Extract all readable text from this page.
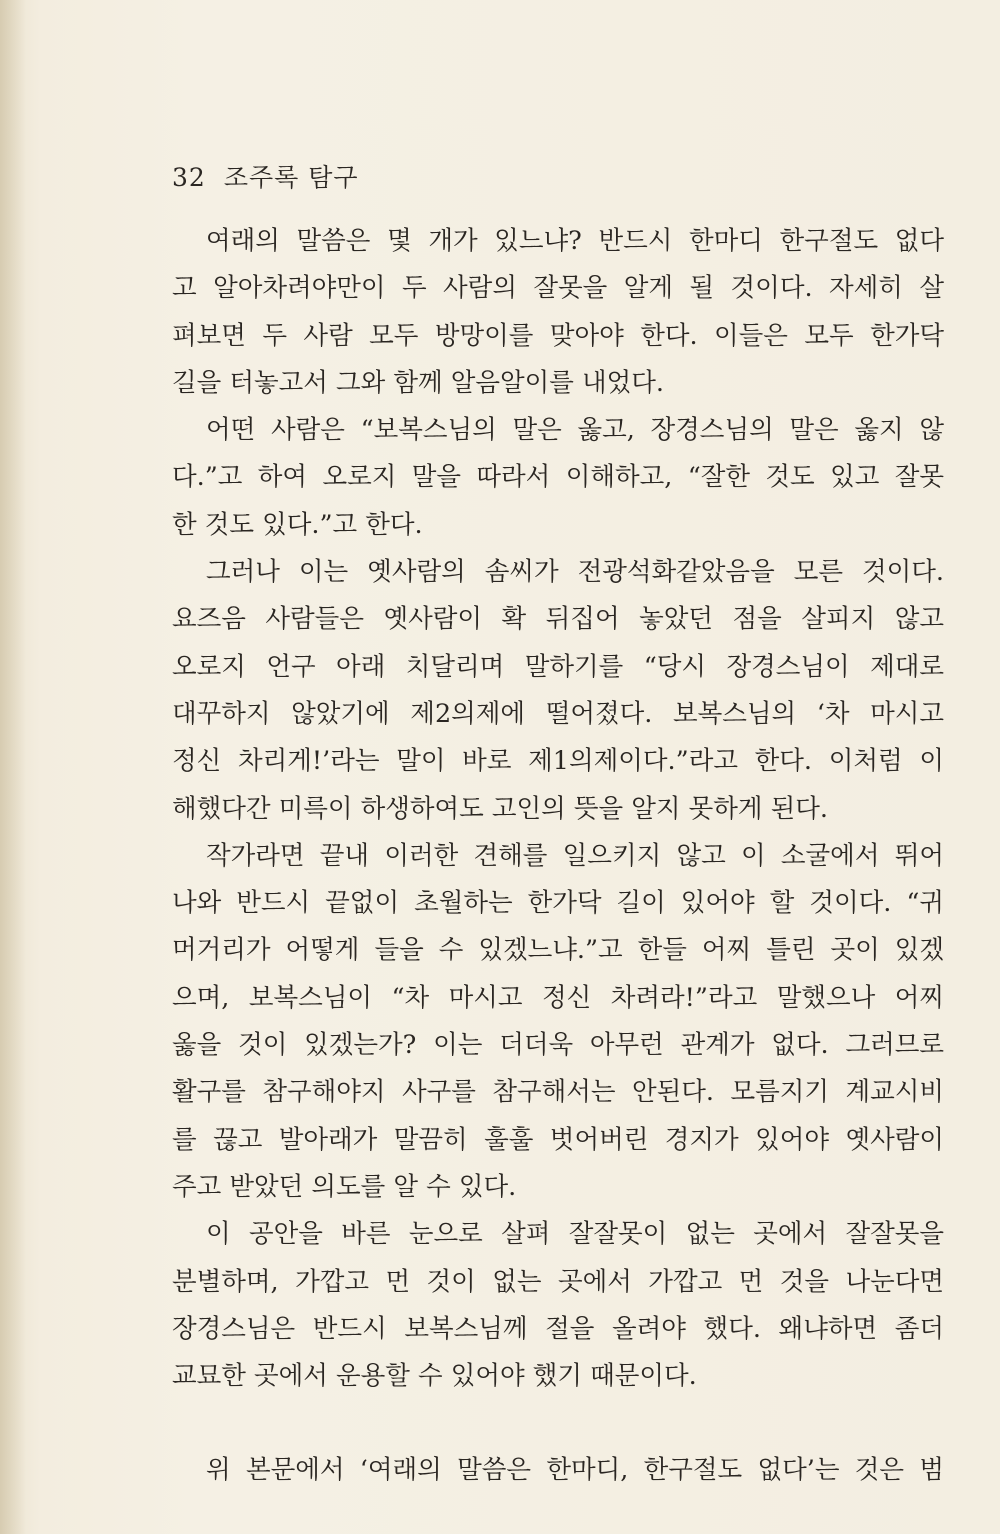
32 조주록 탐구
여래의 말씀은 몇 개가 있느냐? 반드시 한마디 한구절도 없다
고 알아차려야만이 두 사람의 잘못을 알게 될 것이다. 자세히 살
펴보면 두 사람 모두 방망이를 맞아야 한다. 이들은 모두 한가닥
길을 터놓고서 그와 함께 알음알이를 내었다.
어떤 사람은 “보복스님의 말은 옳고, 장경스님의 말은 옳지 않
다.”고 하여 오로지 말을 따라서 이해하고, “잘한 것도 있고 잘못
한 것도 있다.”고 한다.
그러나 이는 옛사람의 솜씨가 전광석화같았음을 모른 것이다.
요즈음 사람들은 옛사람이 확 뒤집어 놓았던 점을 살피지 않고
오로지 언구 아래 치달리며 말하기를 “당시 장경스님이 제대로
대꾸하지 않았기에 제2의제에 떨어졌다. 보복스님의 ‘차 마시고
정신 차리게!’라는 말이 바로 제1의제이다.”라고 한다. 이처럼 이
해했다간 미륵이 하생하여도 고인의 뜻을 알지 못하게 된다.
작가라면 끝내 이러한 견해를 일으키지 않고 이 소굴에서 뛰어
나와 반드시 끝없이 초월하는 한가닥 길이 있어야 할 것이다. “귀
머거리가 어떻게 들을 수 있겠느냐.”고 한들 어찌 틀린 곳이 있겠
으며, 보복스님이 “차 마시고 정신 차려라!”라고 말했으나 어찌
옳을 것이 있겠는가? 이는 더더욱 아무런 관계가 없다. 그러므로
활구를 참구해야지 사구를 참구해서는 안된다. 모름지기 계교시비
를 끊고 발아래가 말끔히 훌훌 벗어버린 경지가 있어야 옛사람이
주고 받았던 의도를 알 수 있다.
이 공안을 바른 눈으로 살펴 잘잘못이 없는 곳에서 잘잘못을
분별하며, 가깝고 먼 것이 없는 곳에서 가깝고 먼 것을 나눈다면
장경스님은 반드시 보복스님께 절을 올려야 했다. 왜냐하면 좀더
교묘한 곳에서 운용할 수 있어야 했기 때문이다.
위 본문에서 ‘여래의 말씀은 한마디, 한구절도 없다’는 것은 범
